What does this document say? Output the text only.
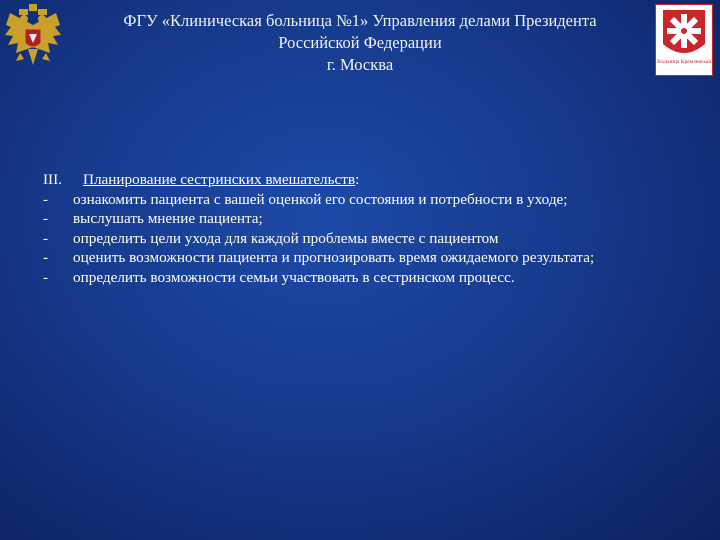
ФГУ «Клиническая больница №1» Управления делами Президента
Российской Федерации
г. Москва	Больница Кремлевская
III.	Планирование сестринских вмешательств:
-	ознакомить пациента с вашей оценкой его состояния и потребности в уходе;
-	выслушать мнение пациента;
-	определить цели ухода для каждой проблемы вместе с пациентом
-	оценить возможности пациента и прогнозировать время ожидаемого результата;
-	определить возможности семьи участвовать в сестринском процесс.
